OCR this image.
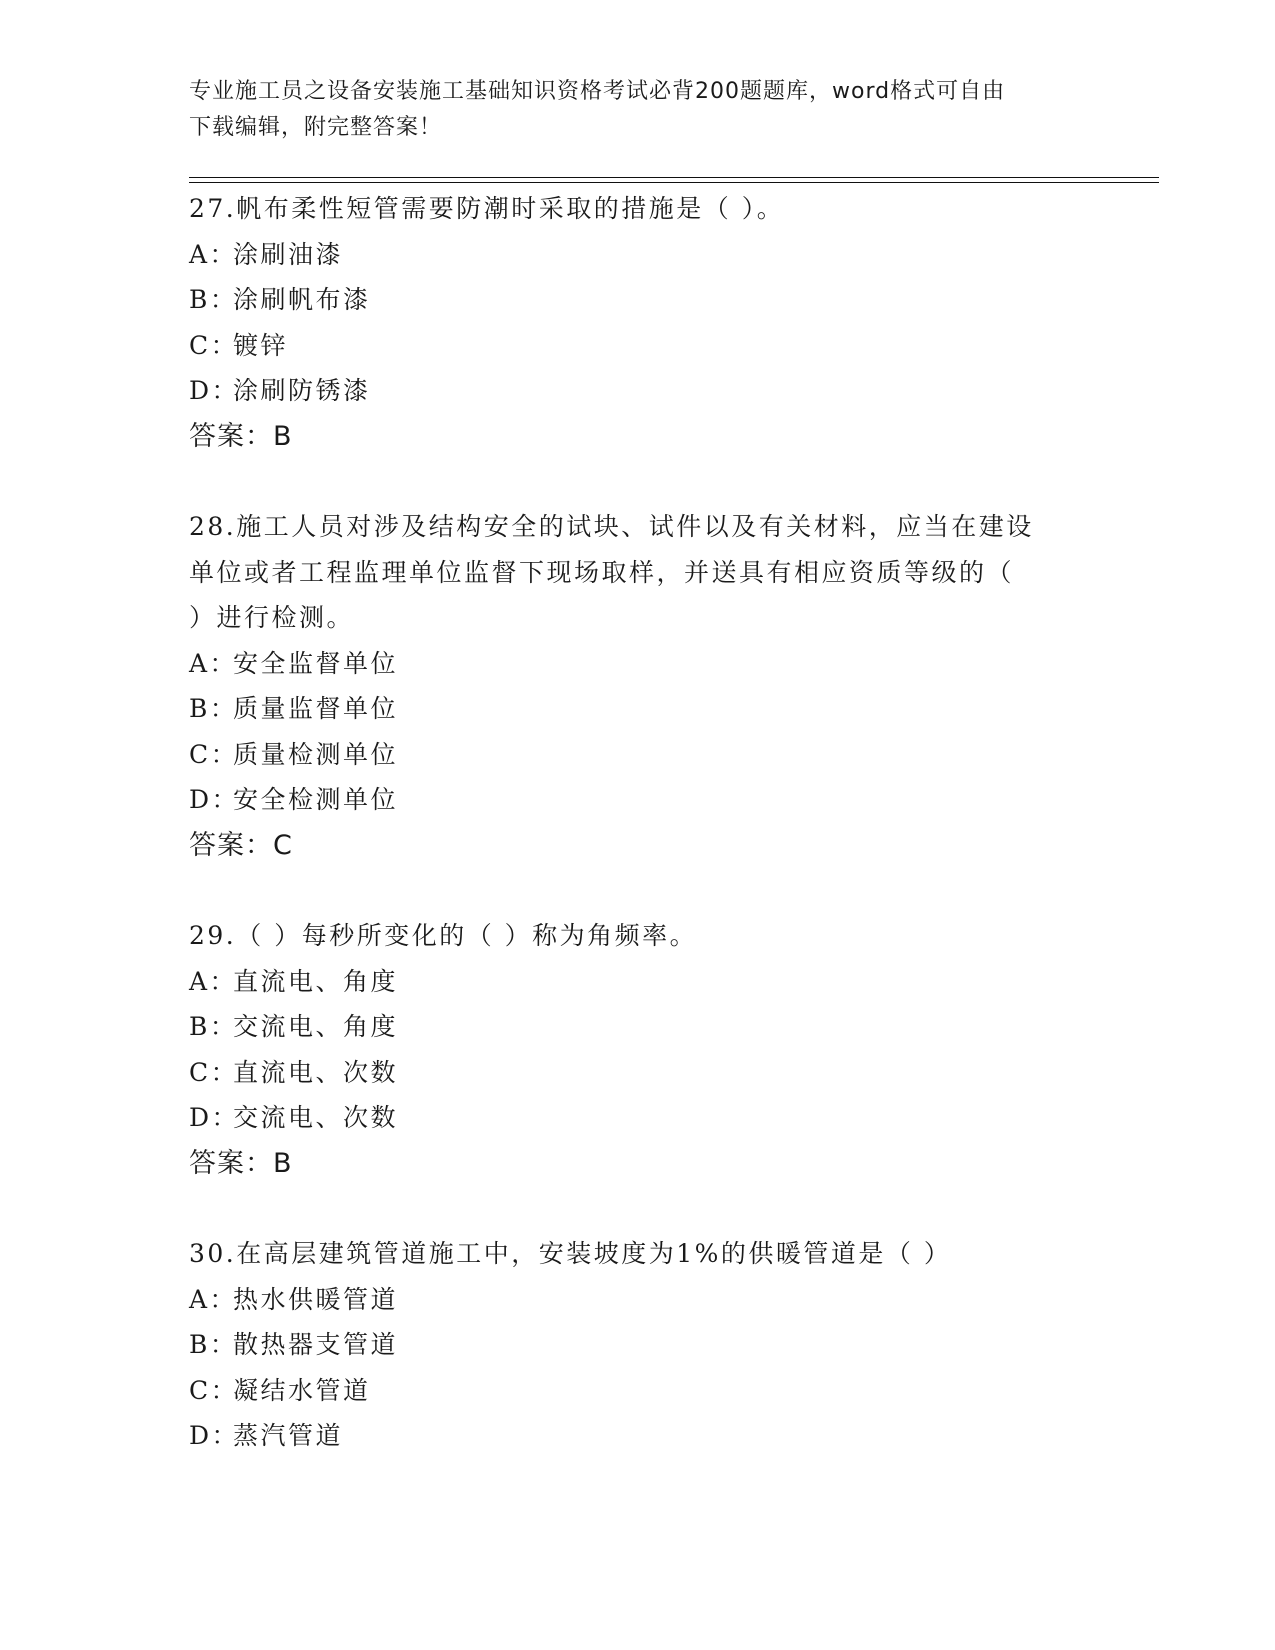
专业施工员之设备安装施工基础知识资格考试必背200题题库，word格式可自由
下载编辑，附完整答案！
27.帆布柔性短管需要防潮时采取的措施是（ ）。
A：涂刷油漆
B：涂刷帆布漆
C：镀锌
D：涂刷防锈漆
答案：B
28.施工人员对涉及结构安全的试块、试件以及有关材料，应当在建设
单位或者工程监理单位监督下现场取样，并送具有相应资质等级的（
）进行检测。
A：安全监督单位
B：质量监督单位
C：质量检测单位
D：安全检测单位
答案：C
29.（ ）每秒所变化的（ ）称为角频率。
A：直流电、角度
B：交流电、角度
C：直流电、次数
D：交流电、次数
答案：B
30.在高层建筑管道施工中，安装坡度为1%的供暖管道是（ ）
A：热水供暖管道
B：散热器支管道
C：凝结水管道
D：蒸汽管道
